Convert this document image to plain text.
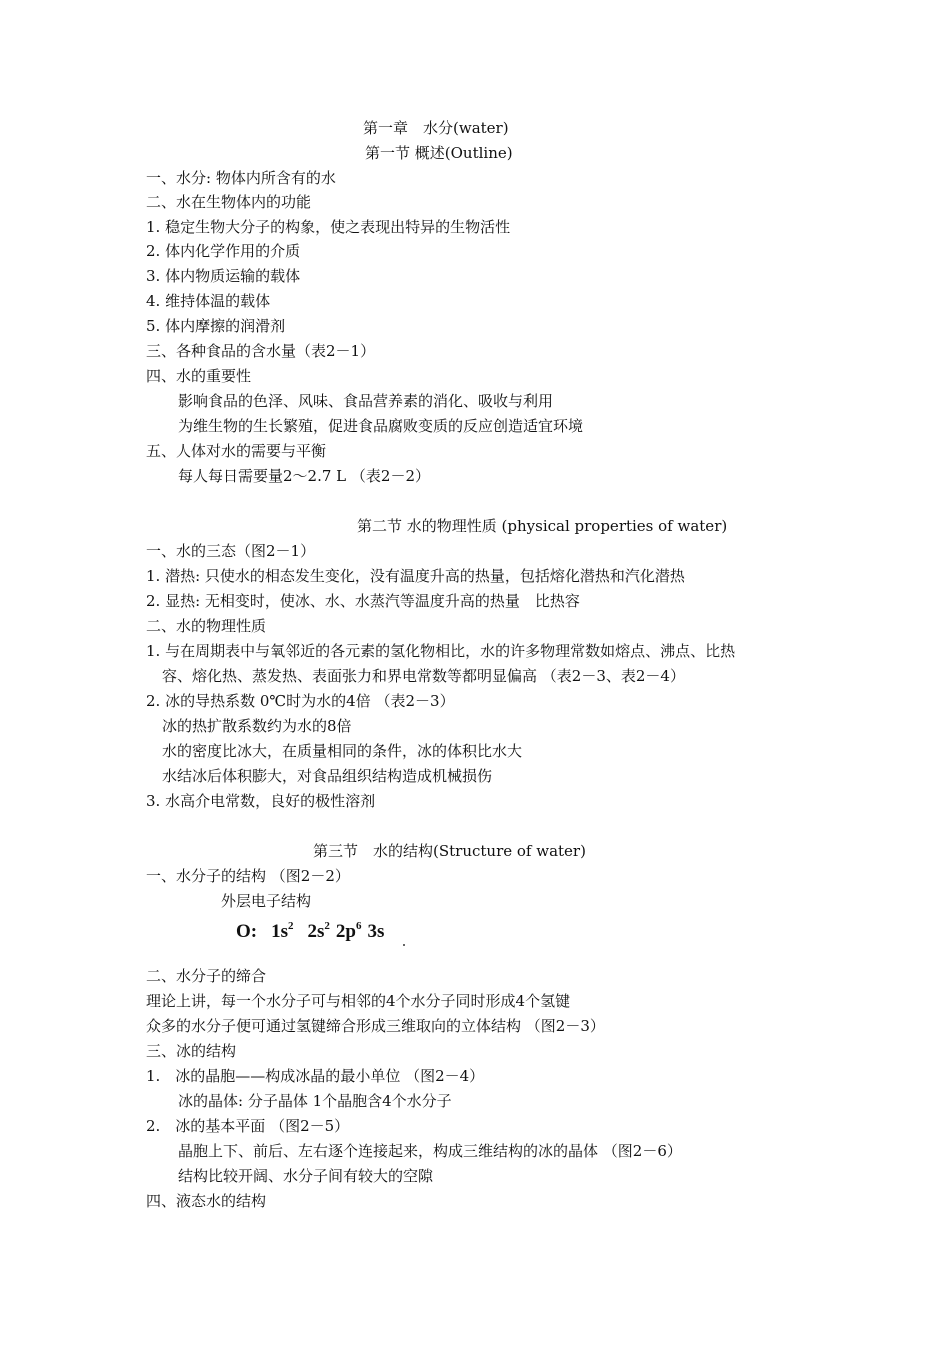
第一章　水分(water)
第一节 概述(Outline)
一、水分: 物体内所含有的水
二、水在生物体内的功能
1. 稳定生物大分子的构象，使之表现出特异的生物活性
2. 体内化学作用的介质
3. 体内物质运输的载体
4. 维持体温的载体
5. 体内摩擦的润滑剂
三、各种食品的含水量（表2－1）
四、水的重要性
影响食品的色泽、风味、食品营养素的消化、吸收与利用
为维生物的生长繁殖，促进食品腐败变质的反应创造适宜环境
五、人体对水的需要与平衡
每人每日需要量2～2.7 L （表2－2）
第二节 水的物理性质 (physical properties of water)
一、水的三态（图2－1）
1. 潜热: 只使水的相态发生变化，没有温度升高的热量，包括熔化潜热和汽化潜热
2. 显热: 无相变时，使冰、水、水蒸汽等温度升高的热量　比热容
二、水的物理性质
1. 与在周期表中与氧邻近的各元素的氢化物相比，水的许多物理常数如熔点、沸点、比热
容、熔化热、蒸发热、表面张力和界电常数等都明显偏高 （表2－3、表2－4）
2. 冰的导热系数 0℃时为水的4倍 （表2－3）
冰的热扩散系数约为水的8倍
水的密度比冰大，在质量相同的条件，冰的体积比水大
水结冰后体积膨大，对食品组织结构造成机械损伤
3. 水高介电常数，良好的极性溶剂
第三节　水的结构(Structure of water)
一、水分子的结构 （图2－2）
外层电子结构
O: $1s^2$ $2s^2$ $2p^6$ 3s
二、水分子的缔合
理论上讲，每一个水分子可与相邻的4个水分子同时形成4个氢键
众多的水分子便可通过氢键缔合形成三维取向的立体结构 （图2－3）
三、冰的结构
1.　冰的晶胞——构成冰晶的最小单位 （图2－4）
冰的晶体: 分子晶体 1个晶胞含4个水分子
2.　冰的基本平面 （图2－5）
晶胞上下、前后、左右逐个连接起来，构成三维结构的冰的晶体 （图2－6）
结构比较开阔、水分子间有较大的空隙
四、液态水的结构
